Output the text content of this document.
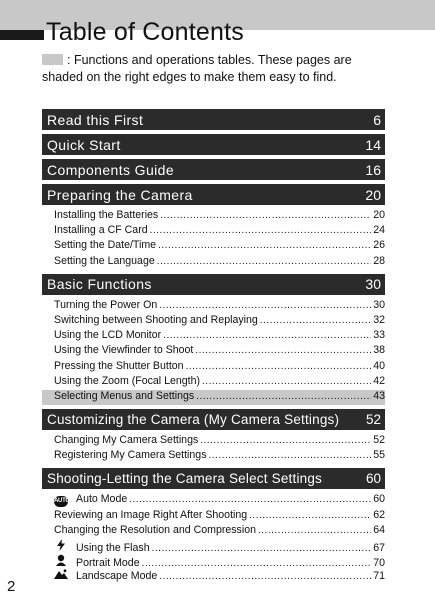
Table of Contents
: Functions and operations tables. These pages are shaded on the right edges to make them easy to find.
Read this First	6
Quick Start	14
Components Guide	16
Preparing the Camera	20
Installing the Batteries .....	20
Installing a CF Card .....	24
Setting the Date/Time .....	26
Setting the Language .....	28
Basic Functions	30
Turning the Power On .....	30
Switching between Shooting and Replaying .....	32
Using the LCD Monitor .....	33
Using the Viewfinder to Shoot .....	38
Pressing the Shutter Button .....	40
Using the Zoom (Focal Length) .....	42
Selecting Menus and Settings .....	43
Customizing the Camera (My Camera Settings) 52
Changing My Camera Settings .....	52
Registering My Camera Settings .....	55
Shooting-Letting the Camera Select Settings	60
AUTO Auto Mode .....	60
Reviewing an Image Right After Shooting .....	62
Changing the Resolution and Compression .....	64
Using the Flash .....	67
Portrait Mode .....	70
Landscape Mode .....	71
2
